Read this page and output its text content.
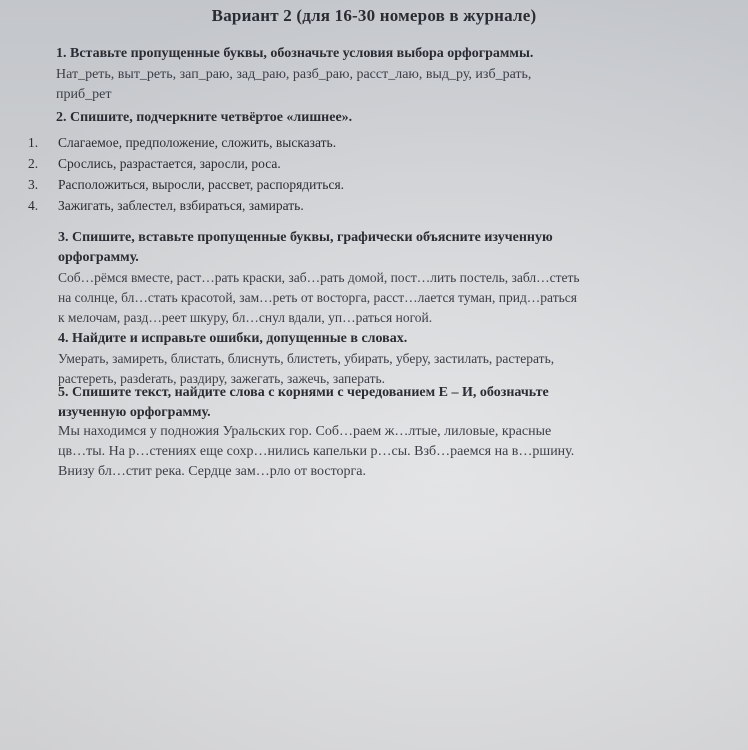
Вариант 2 (для 16-30 номеров в журнале)
1. Вставьте пропущенные буквы, обозначьте условия выбора орфограммы.
Нат_реть, выт_реть, зап_раю, зад_раю, разб_раю, расст_лаю, выд_ру, изб_рать,
приб_рет
2. Спишите, подчеркните четвёртое «лишнее».
1.	Слагаемое, предположение, сложить, высказать.
2.	Срослись, разрастается, заросли, роса.
3.	Расположиться, выросли, рассвет, распорядиться.
4.	Зажигать, заблестел, взбираться, замирать.
3. Спишите, вставьте пропущенные буквы, графически объясните изученную
орфограмму.
Соб…рёмся вместе, раст…рать краски, заб…рать домой, пост…лить постель, забл…стеть
на солнце, бл…стать красотой, зам…реть от восторга, расст…лается туман, прид…раться
к мелочам, разд…реет шкуру, бл…снул вдали, уп…раться ногой.
4. Найдите и исправьте ошибки, допущенные в словах.
Умерать, замиреть, блистать, блиснуть, блистеть, убирать, уберу, застилать, растерать,
растереть, разderать, раздиру, зажегать, зажечь, заперать.
5. Спишите текст, найдите слова с корнями с чередованием Е – И, обозначьте
изученную орфограмму.
Мы находимся у подножия Уральских гор. Соб…раем ж…лтые, лиловые, красные
цв…ты. На р…стениях еще сохр…нились капельки р…сы. Взб…раемся на в…ршину.
Внизу бл…стит река. Сердце зам…рло от восторга.
